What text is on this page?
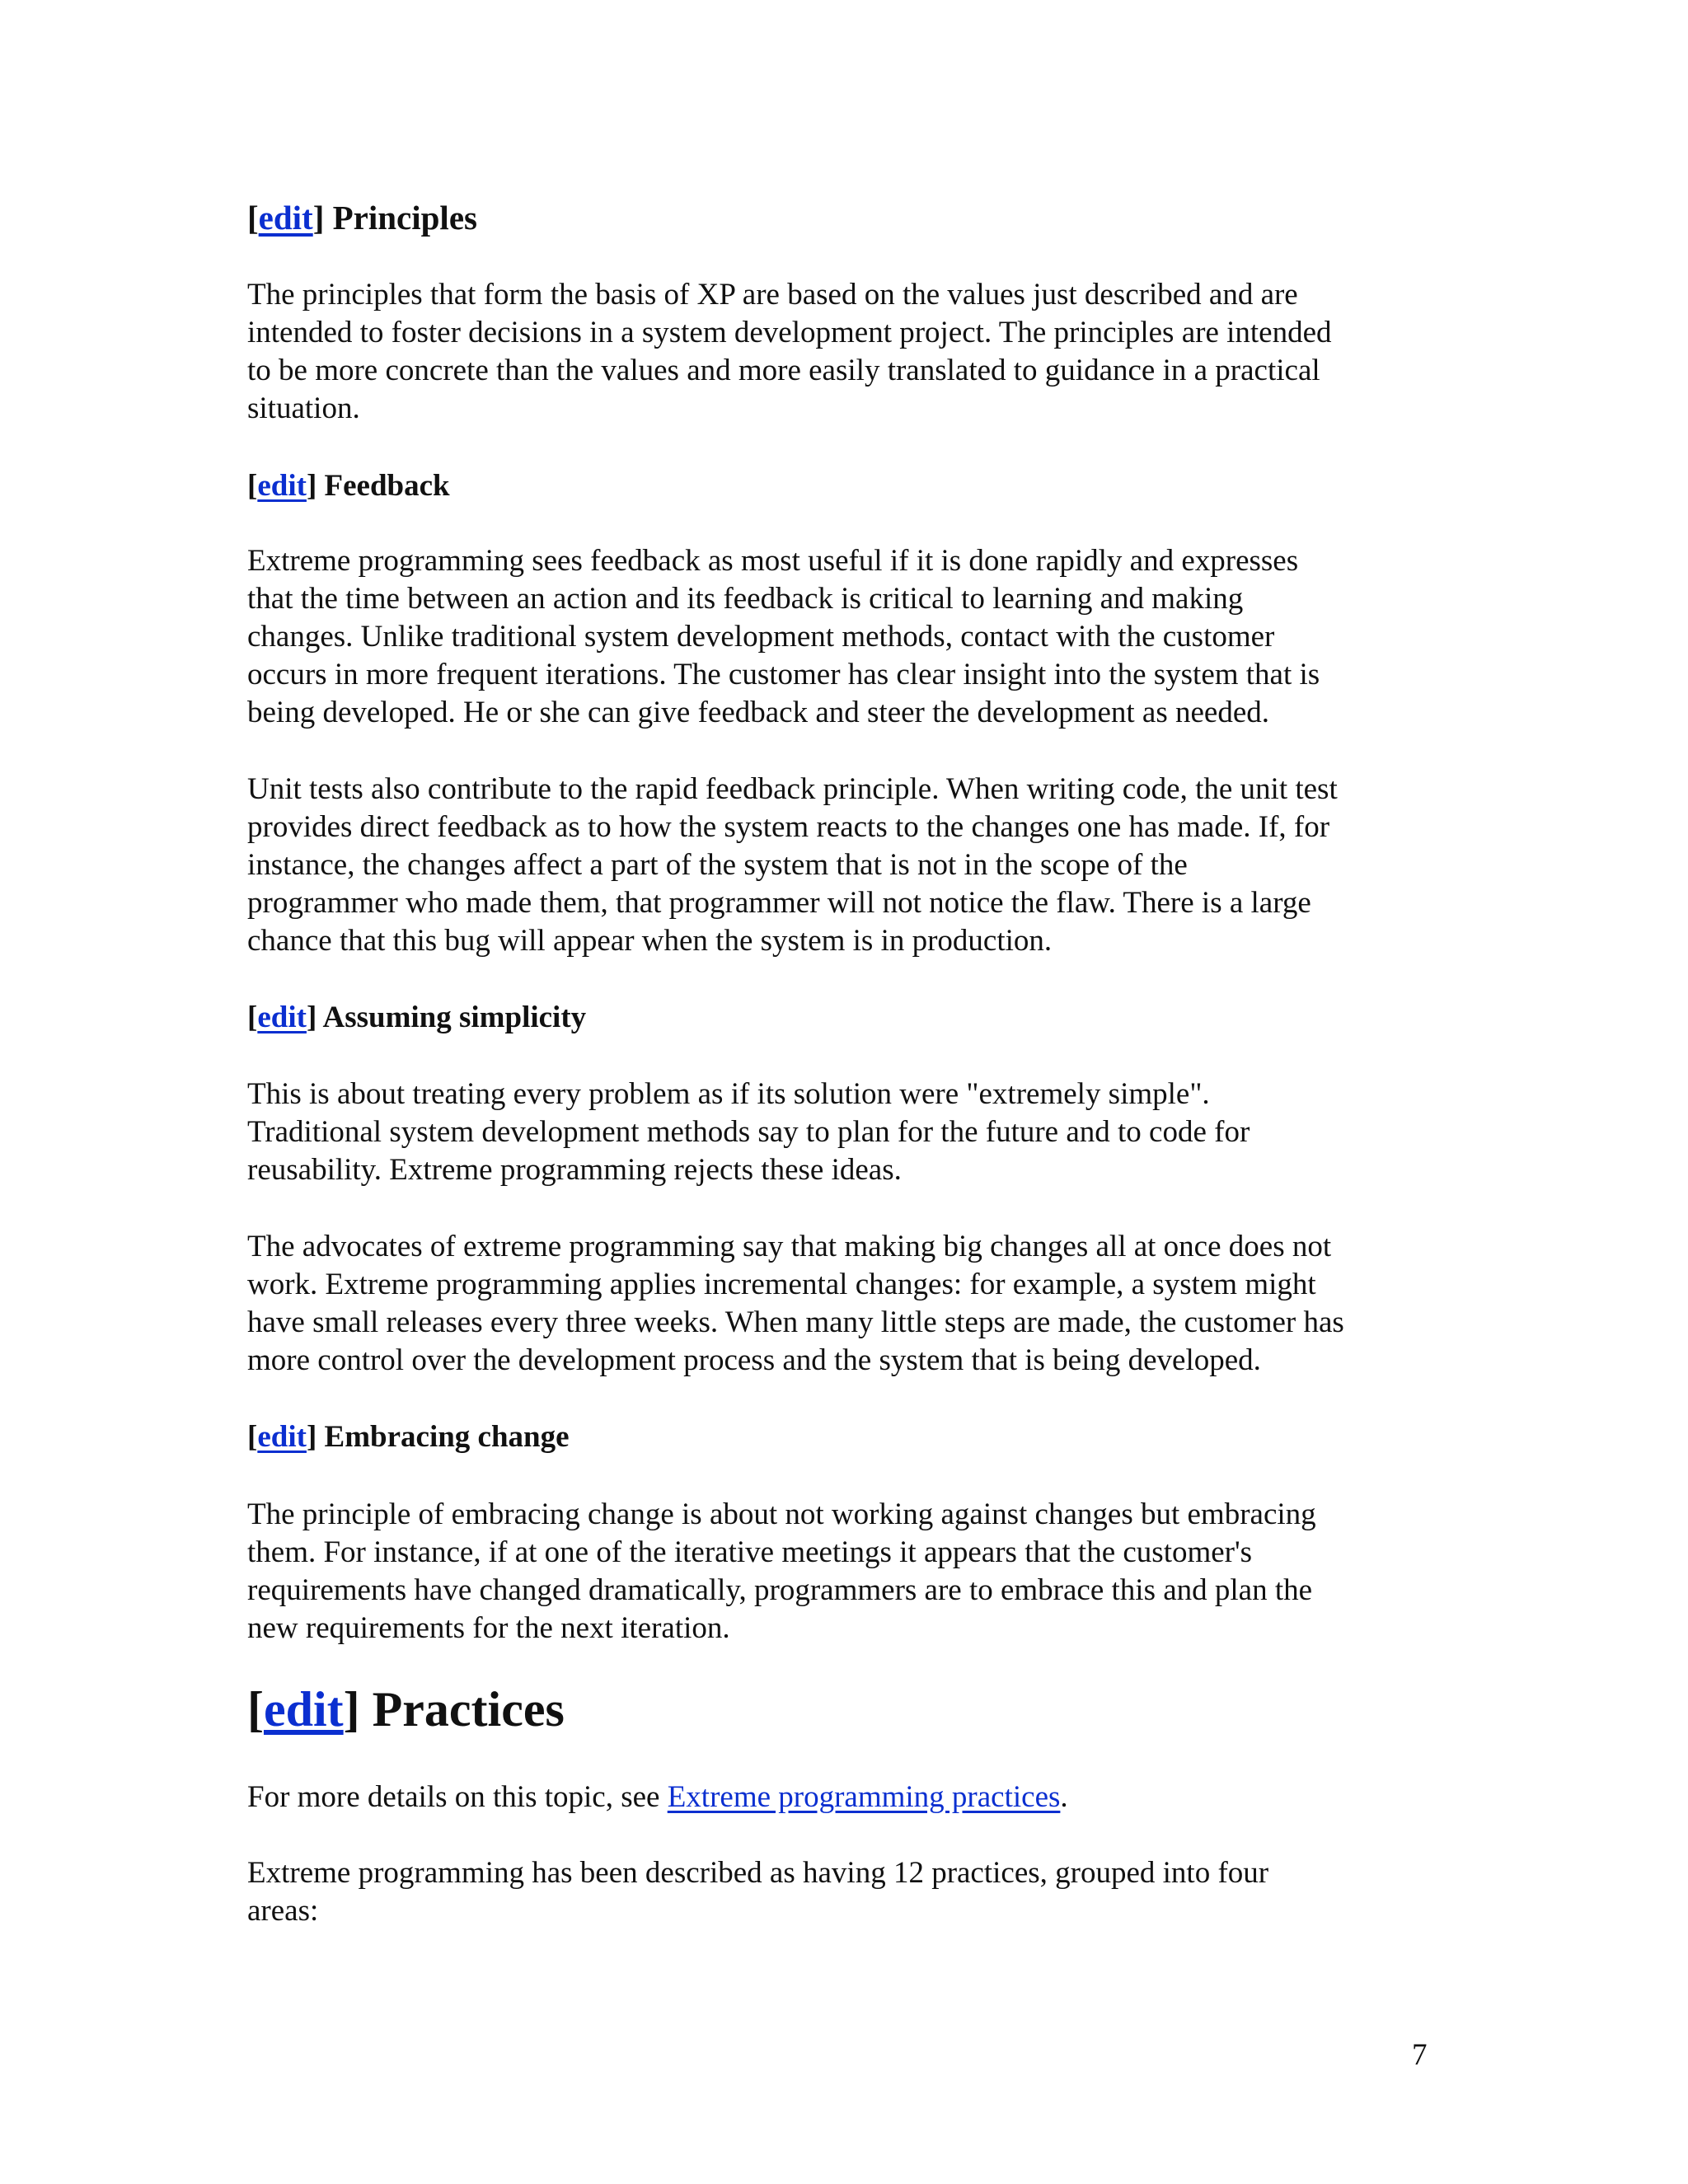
[edit] Principles

The principles that form the basis of XP are based on the values just described and are
intended to foster decisions in a system development project. The principles are intended
to be more concrete than the values and more easily translated to guidance in a practical
situation.

[edit] Feedback

Extreme programming sees feedback as most useful if it is done rapidly and expresses
that the time between an action and its feedback is critical to learning and making
changes. Unlike traditional system development methods, contact with the customer
occurs in more frequent iterations. The customer has clear insight into the system that is
being developed. He or she can give feedback and steer the development as needed.

Unit tests also contribute to the rapid feedback principle. When writing code, the unit test
provides direct feedback as to how the system reacts to the changes one has made. If, for
instance, the changes affect a part of the system that is not in the scope of the
programmer who made them, that programmer will not notice the flaw. There is a large
chance that this bug will appear when the system is in production.

[edit] Assuming simplicity

This is about treating every problem as if its solution were "extremely simple".
Traditional system development methods say to plan for the future and to code for
reusability. Extreme programming rejects these ideas.

The advocates of extreme programming say that making big changes all at once does not
work. Extreme programming applies incremental changes: for example, a system might
have small releases every three weeks. When many little steps are made, the customer has
more control over the development process and the system that is being developed.

[edit] Embracing change

The principle of embracing change is about not working against changes but embracing
them. For instance, if at one of the iterative meetings it appears that the customer's
requirements have changed dramatically, programmers are to embrace this and plan the
new requirements for the next iteration.

[edit] Practices

For more details on this topic, see Extreme programming practices.

Extreme programming has been described as having 12 practices, grouped into four
areas:

7
